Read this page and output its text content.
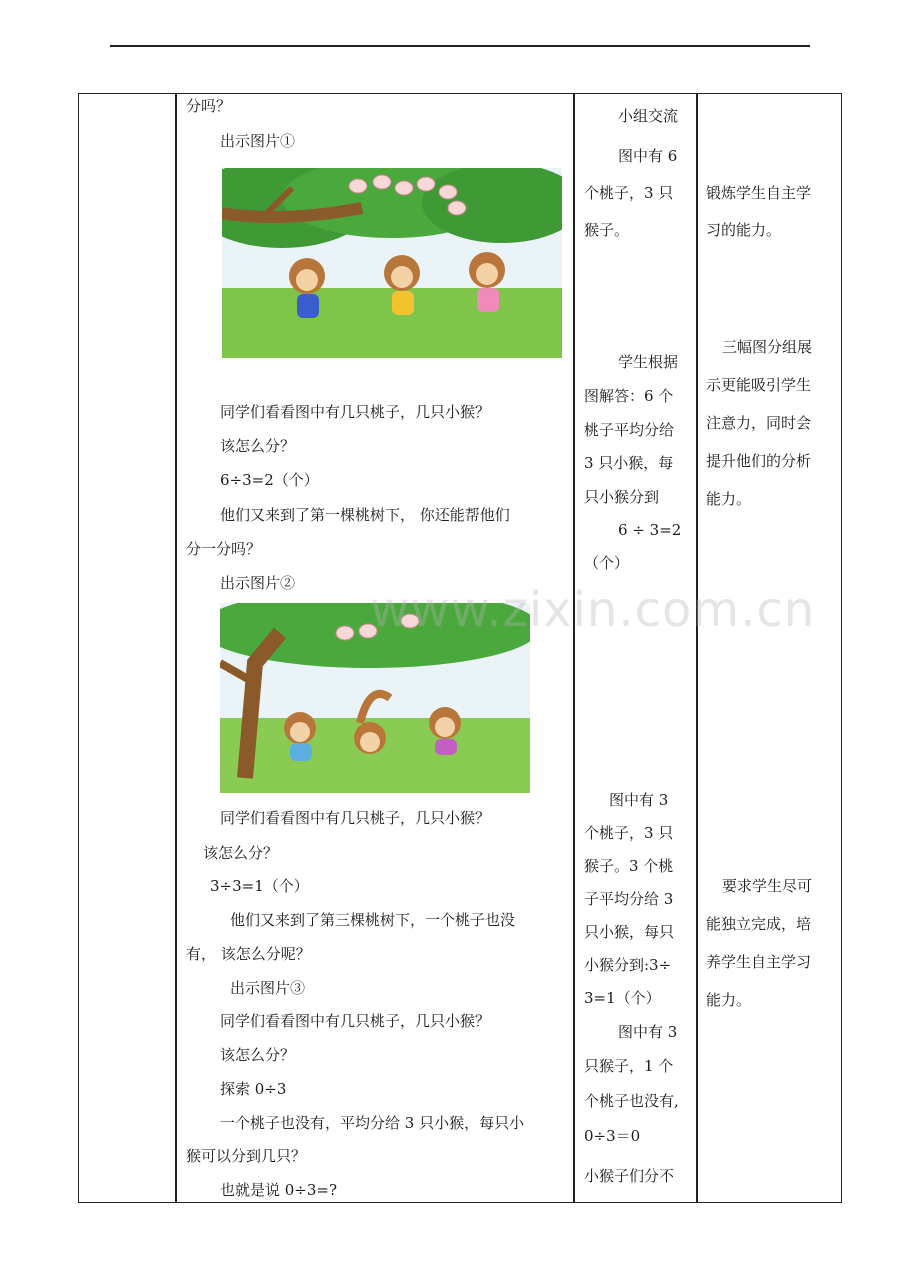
分吗？
出示图片①
同学们看看图中有几只桃子，几只小猴？
该怎么分？
6÷3=2（个）
他们又来到了第一棵桃树下， 你还能帮他们
分一分吗？
出示图片②
同学们看看图中有几只桃子，几只小猴？
该怎么分？
3÷3=1（个）
他们又来到了第三棵桃树下，一个桃子也没
有， 该怎么分呢？
出示图片③
同学们看看图中有几只桃子，几只小猴？
该怎么分？
探索 0÷3
一个桃子也没有，平均分给 3 只小猴，每只小
猴可以分到几只？
也就是说 0÷3=?
小组交流
图中有 6
个桃子，3 只
猴子。
学生根据
图解答：6 个
桃子平均分给
3 只小猴，每
只小猴分到
6 ÷ 3=2
（个）
图中有 3
个桃子，3 只
猴子。3 个桃
子平均分给 3
只小猴，每只
小猴分到:3÷
3=1（个）
图中有 3
只猴子，1 个
个桃子也没有,
0÷3＝0
小猴子们分不
锻炼学生自主学
习的能力。
三幅图分组展
示更能吸引学生
注意力，同时会
提升他们的分析
能力。
要求学生尽可
能独立完成，培
养学生自主学习
能力。
www.zixin.com.cn
